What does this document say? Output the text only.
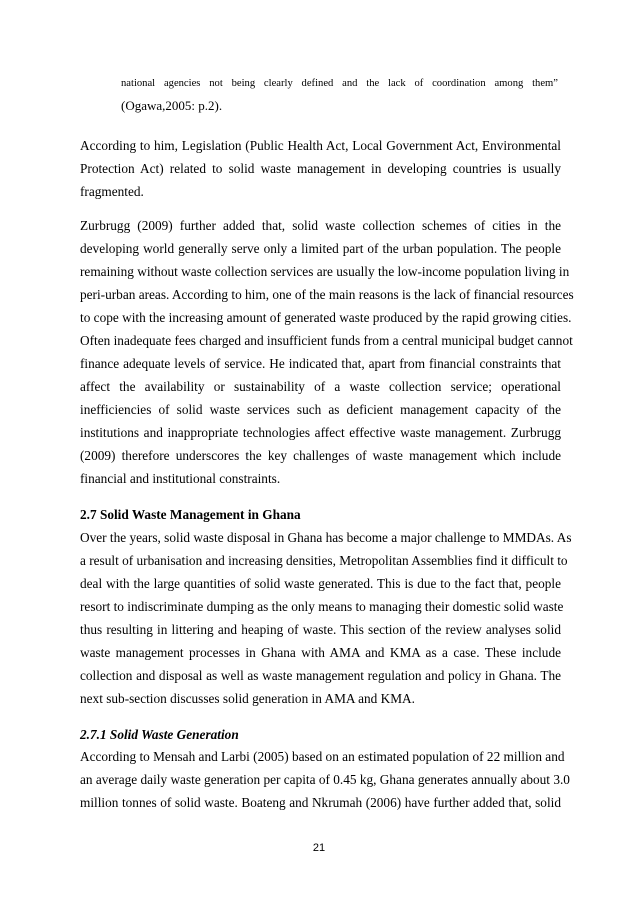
national agencies not being clearly defined and the lack of coordination among them”
(Ogawa,2005: p.2).

According to him, Legislation (Public Health Act, Local Government Act, Environmental
Protection Act) related to solid waste management in developing countries is usually
fragmented.

Zurbrugg (2009) further added that, solid waste collection schemes of cities in the
developing world generally serve only a limited part of the urban population. The people
remaining without waste collection services are usually the low-income population living in
peri-urban areas. According to him, one of the main reasons is the lack of financial resources
to cope with the increasing amount of generated waste produced by the rapid growing cities.
Often inadequate fees charged and insufficient funds from a central municipal budget cannot
finance adequate levels of service. He indicated that, apart from financial constraints that
affect the availability or sustainability of a waste collection service; operational
inefficiencies of solid waste services such as deficient management capacity of the
institutions and inappropriate technologies affect effective waste management. Zurbrugg
(2009) therefore underscores the key challenges of waste management which include
financial and institutional constraints.

2.7 Solid Waste Management in Ghana

Over the years, solid waste disposal in Ghana has become a major challenge to MMDAs. As
a result of urbanisation and increasing densities, Metropolitan Assemblies find it difficult to
deal with the large quantities of solid waste generated. This is due to the fact that, people
resort to indiscriminate dumping as the only means to managing their domestic solid waste
thus resulting in littering and heaping of waste. This section of the review analyses solid
waste management processes in Ghana with AMA and KMA as a case. These include
collection and disposal as well as waste management regulation and policy in Ghana. The
next sub-section discusses solid generation in AMA and KMA.

2.7.1 Solid Waste Generation

According to Mensah and Larbi (2005) based on an estimated population of 22 million and
an average daily waste generation per capita of 0.45 kg, Ghana generates annually about 3.0
million tonnes of solid waste. Boateng and Nkrumah (2006) have further added that, solid

21
